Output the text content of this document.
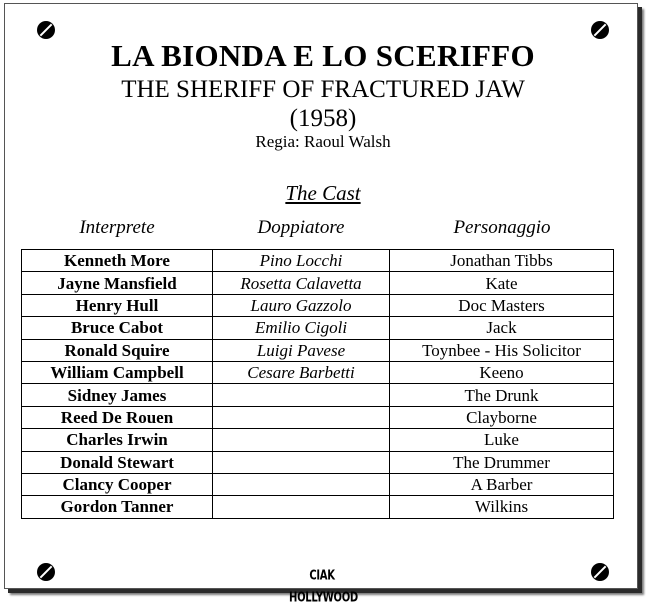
LA BIONDA E LO SCERIFFO
THE SHERIFF OF FRACTURED JAW
(1958)
Regia: Raoul Walsh
The Cast
Interprete	Doppiatore	Personaggio
Kenneth More	Pino Locchi	Jonathan Tibbs
Jayne Mansfield	Rosetta Calavetta	Kate
Henry Hull	Lauro Gazzolo	Doc Masters
Bruce Cabot	Emilio Cigoli	Jack
Ronald Squire	Luigi Pavese	Toynbee - His Solicitor
William Campbell	Cesare Barbetti	Keeno
Sidney James		The Drunk
Reed De Rouen		Clayborne
Charles Irwin		Luke
Donald Stewart		The Drummer
Clancy Cooper		A Barber
Gordon Tanner		Wilkins
CIAK HOLLYWOOD
